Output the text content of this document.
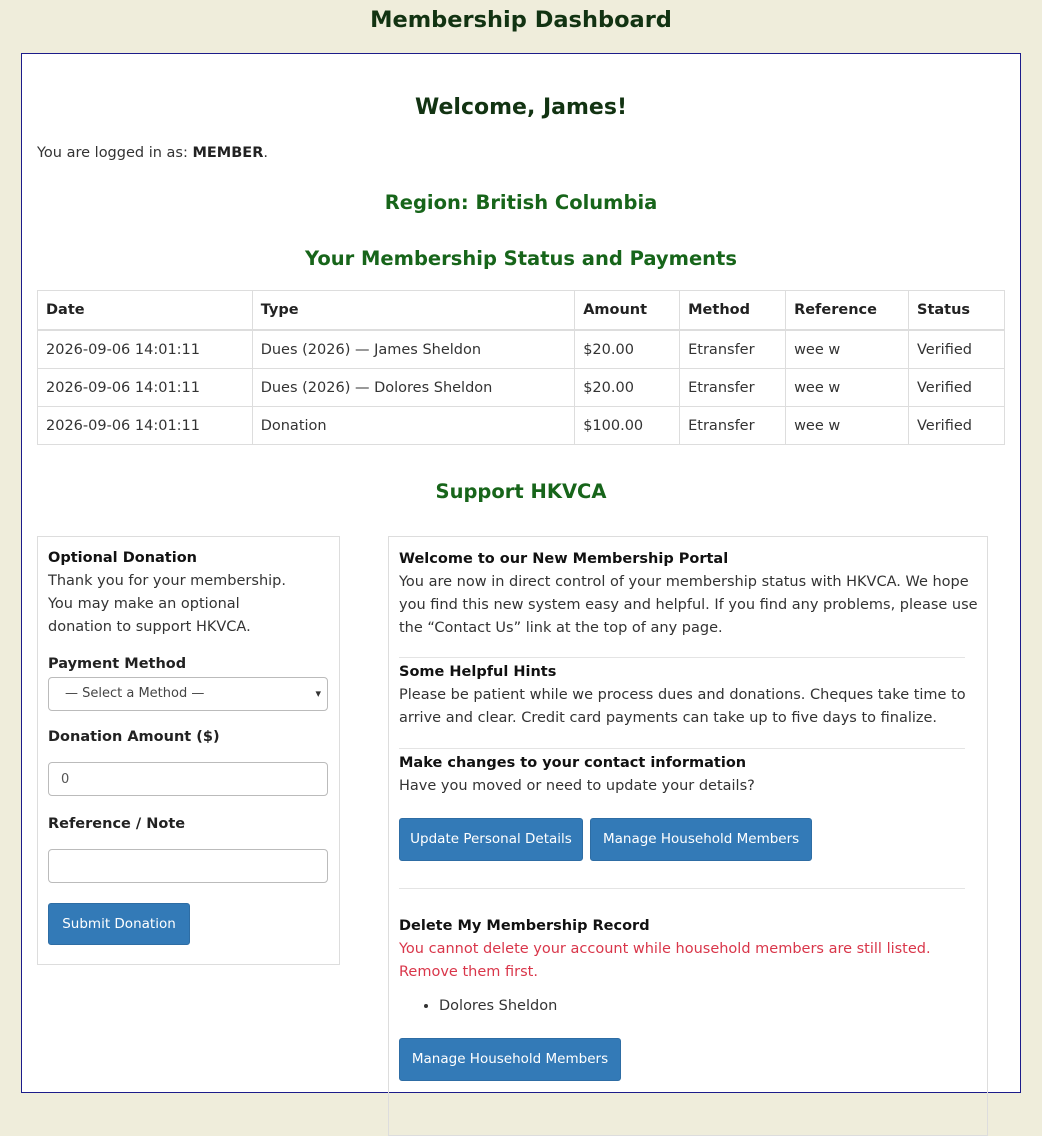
Membership Dashboard
Welcome, James!
You are logged in as: MEMBER.
Region: British Columbia
Your Membership Status and Payments
Date	Type	Amount	Method	Reference	Status
2026-09-06 14:01:11	Dues (2026) — James Sheldon	$20.00	Etransfer	wee w	Verified
2026-09-06 14:01:11	Dues (2026) — Dolores Sheldon	$20.00	Etransfer	wee w	Verified
2026-09-06 14:01:11	Donation	$100.00	Etransfer	wee w	Verified
Support HKVCA
Optional Donation
Thank you for your membership. You may make an optional donation to support HKVCA.
Payment Method
— Select a Method —	▾
Donation Amount ($)
0
Reference / Note
Submit Donation
Welcome to our New Membership Portal
You are now in direct control of your membership status with HKVCA. We hope you find this new system easy and helpful. If you find any problems, please use the “Contact Us” link at the top of any page.
Some Helpful Hints
Please be patient while we process dues and donations. Cheques take time to arrive and clear. Credit card payments can take up to five days to finalize.
Make changes to your contact information
Have you moved or need to update your details?
Update Personal Details Manage Household Members
Delete My Membership Record
You cannot delete your account while household members are still listed. Remove them first.
• Dolores Sheldon
Manage Household Members
